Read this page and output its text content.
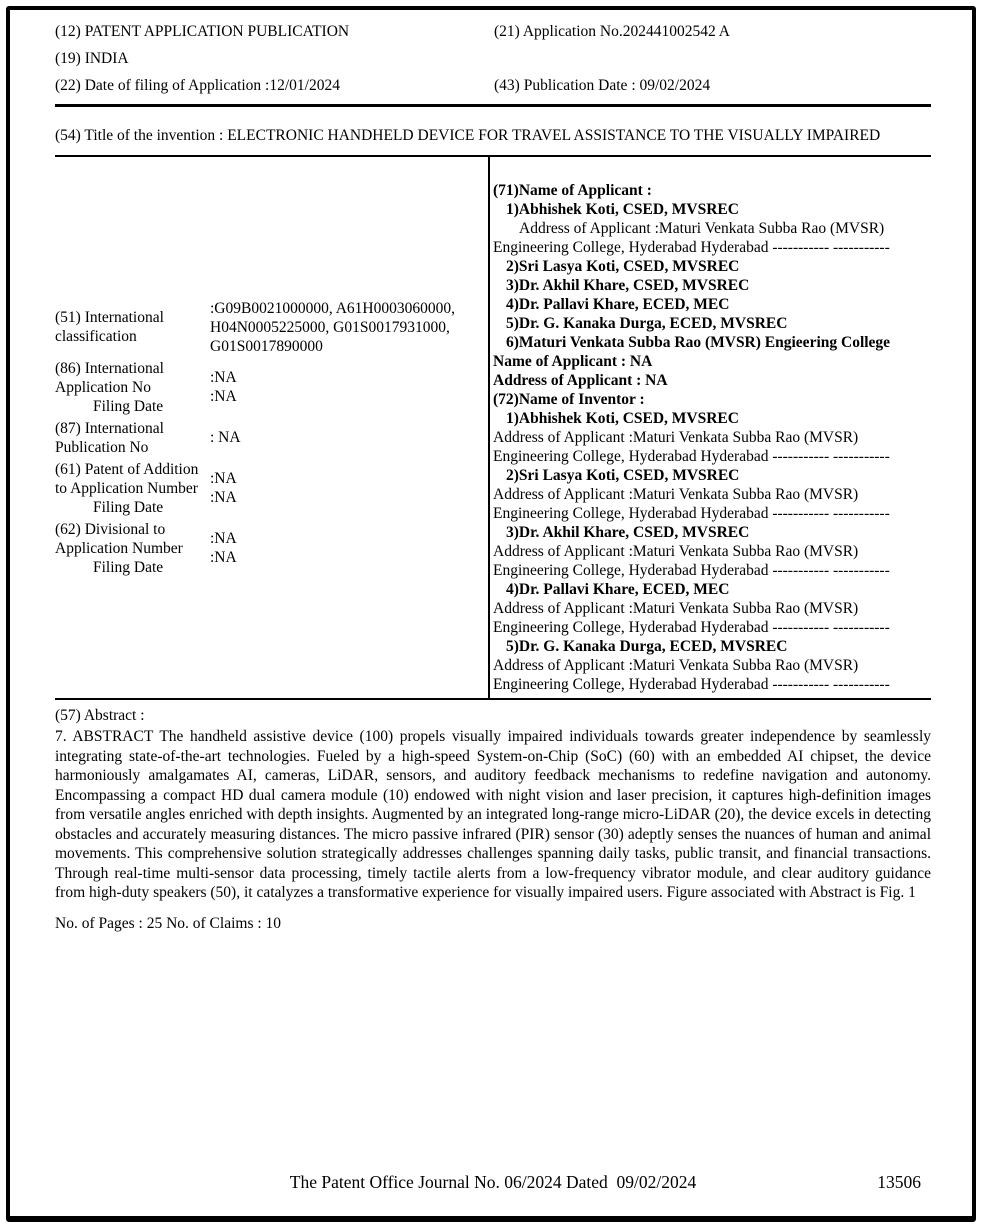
(12) PATENT APPLICATION PUBLICATION	(21) Application No.202441002542 A
(19) INDIA
(22) Date of filing of Application :12/01/2024	(43) Publication Date : 09/02/2024
(54) Title of the invention : ELECTRONIC HANDHELD DEVICE FOR TRAVEL ASSISTANCE TO THE VISUALLY IMPAIRED
(51) International
classification
:G09B0021000000, A61H0003060000, H04N0005225000, G01S0017931000, G01S0017890000
(86) International
Application No
Filing Date
:NA
:NA
(87) International
Publication No
: NA
(61) Patent of Addition
to Application Number
Filing Date
:NA
:NA
(62) Divisional to
Application Number
Filing Date
:NA
:NA
(71)Name of Applicant :
1)Abhishek Koti, CSED, MVSREC
Address of Applicant :Maturi Venkata Subba Rao (MVSR)
Engineering College, Hyderabad Hyderabad ----------- -----------
2)Sri Lasya Koti, CSED, MVSREC
3)Dr. Akhil Khare, CSED, MVSREC
4)Dr. Pallavi Khare, ECED, MEC
5)Dr. G. Kanaka Durga, ECED, MVSREC
6)Maturi Venkata Subba Rao (MVSR) Engieering College
Name of Applicant : NA
Address of Applicant : NA
(72)Name of Inventor :
1)Abhishek Koti, CSED, MVSREC
Address of Applicant :Maturi Venkata Subba Rao (MVSR)
Engineering College, Hyderabad Hyderabad ----------- -----------
2)Sri Lasya Koti, CSED, MVSREC
Address of Applicant :Maturi Venkata Subba Rao (MVSR)
Engineering College, Hyderabad Hyderabad ----------- -----------
3)Dr. Akhil Khare, CSED, MVSREC
Address of Applicant :Maturi Venkata Subba Rao (MVSR)
Engineering College, Hyderabad Hyderabad ----------- -----------
4)Dr. Pallavi Khare, ECED, MEC
Address of Applicant :Maturi Venkata Subba Rao (MVSR)
Engineering College, Hyderabad Hyderabad ----------- -----------
5)Dr. G. Kanaka Durga, ECED, MVSREC
Address of Applicant :Maturi Venkata Subba Rao (MVSR)
Engineering College, Hyderabad Hyderabad ----------- -----------
(57) Abstract :
7. ABSTRACT The handheld assistive device (100) propels visually impaired individuals towards greater independence by seamlessly integrating state-of-the-art technologies. Fueled by a high-speed System-on-Chip (SoC) (60) with an embedded AI chipset, the device harmoniously amalgamates AI, cameras, LiDAR, sensors, and auditory feedback mechanisms to redefine navigation and autonomy. Encompassing a compact HD dual camera module (10) endowed with night vision and laser precision, it captures high-definition images from versatile angles enriched with depth insights. Augmented by an integrated long-range micro-LiDAR (20), the device excels in detecting obstacles and accurately measuring distances. The micro passive infrared (PIR) sensor (30) adeptly senses the nuances of human and animal movements. This comprehensive solution strategically addresses challenges spanning daily tasks, public transit, and financial transactions. Through real-time multi-sensor data processing, timely tactile alerts from a low-frequency vibrator module, and clear auditory guidance from high-duty speakers (50), it catalyzes a transformative experience for visually impaired users. Figure associated with Abstract is Fig. 1
No. of Pages : 25 No. of Claims : 10
The Patent Office Journal No. 06/2024 Dated  09/02/2024	13506
